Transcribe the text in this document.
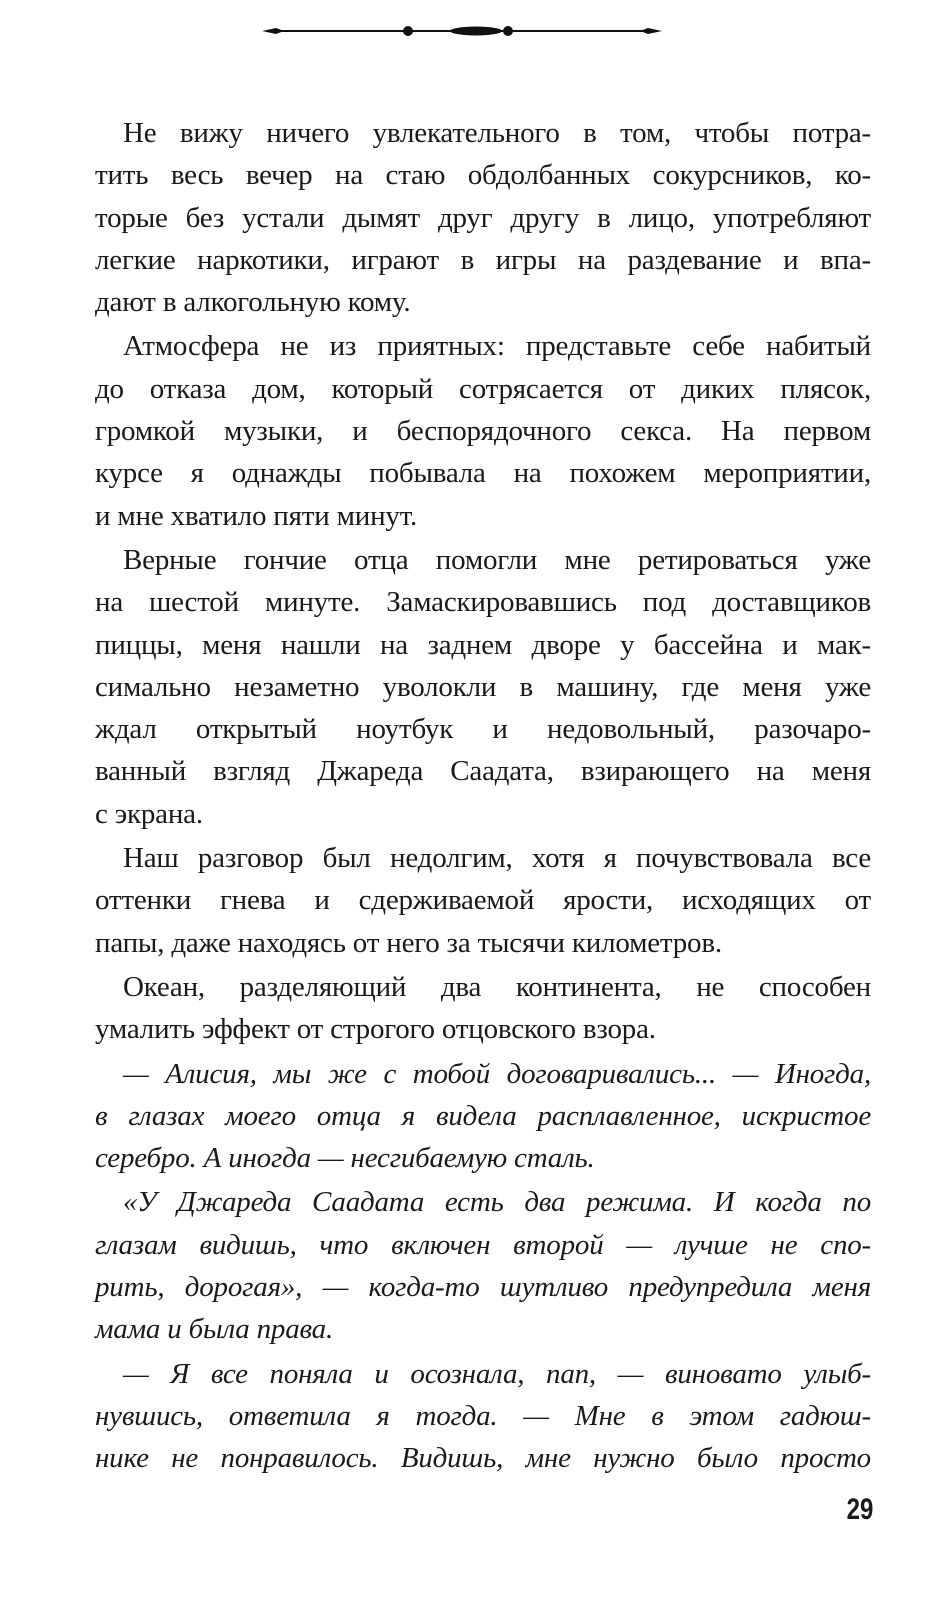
Не вижу ничего увлекательного в том, чтобы потра-
тить весь вечер на стаю обдолбанных сокурсников, ко-
торые без устали дымят друг другу в лицо, употребляют
легкие наркотики, играют в игры на раздевание и впа-
дают в алкогольную кому.
Атмосфера не из приятных: представьте себе набитый
до отказа дом, который сотрясается от диких плясок,
громкой музыки, и беспорядочного секса. На первом
курсе я однажды побывала на похожем мероприятии,
и мне хватило пяти минут.
Верные гончие отца помогли мне ретироваться уже
на шестой минуте. Замаскировавшись под доставщиков
пиццы, меня нашли на заднем дворе у бассейна и мак-
симально незаметно уволокли в машину, где меня уже
ждал открытый ноутбук и недовольный, разочаро-
ванный взгляд Джареда Саадата, взирающего на меня
с экрана.
Наш разговор был недолгим, хотя я почувствовала все
оттенки гнева и сдерживаемой ярости, исходящих от
папы, даже находясь от него за тысячи километров.
Океан, разделяющий два континента, не способен
умалить эффект от строгого отцовского взора.
— Алисия, мы же с тобой договаривались... — Иногда,
в глазах моего отца я видела расплавленное, искристое
серебро. А иногда — несгибаемую сталь.
«У Джареда Саадата есть два режима. И когда по
глазам видишь, что включен второй — лучше не спо-
рить, дорогая», — когда-то шутливо предупредила меня
мама и была права.
— Я все поняла и осознала, пап, — виновато улыб-
нувшись, ответила я тогда. — Мне в этом гадюш-
нике не понравилось. Видишь, мне нужно было просто
29
